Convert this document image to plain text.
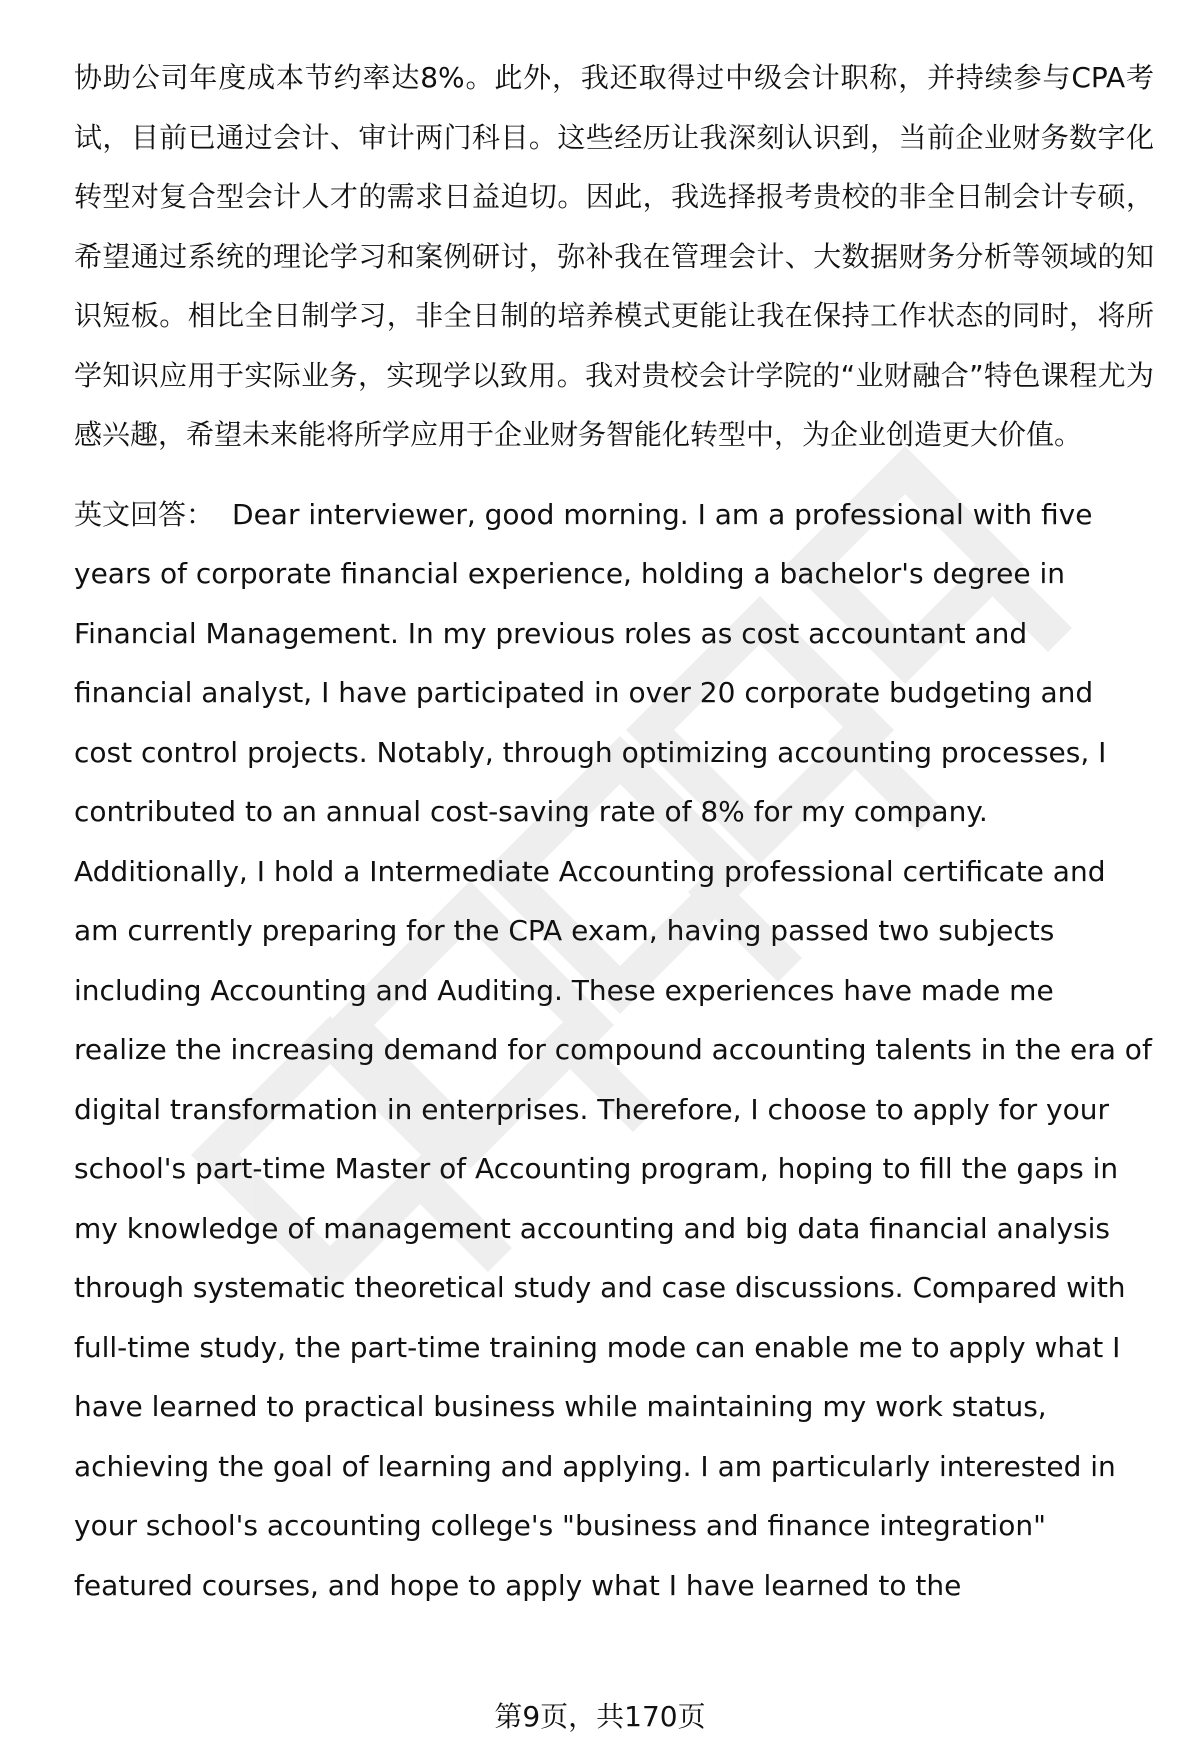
协助公司年度成本节约率达8%。此外，我还取得过中级会计职称，并持续参与CPA考试，目前已通过会计、审计两门科目。这些经历让我深刻认识到，当前企业财务数字化转型对复合型会计人才的需求日益迫切。因此，我选择报考贵校的非全日制会计专硕，希望通过系统的理论学习和案例研讨，弥补我在管理会计、大数据财务分析等领域的知识短板。相比全日制学习，非全日制的培养模式更能让我在保持工作状态的同时，将所学知识应用于实际业务，实现学以致用。我对贵校会计学院的“业财融合”特色课程尤为感兴趣，希望未来能将所学应用于企业财务智能化转型中，为企业创造更大价值。

英文回答： Dear interviewer, good morning. I am a professional with five years of corporate financial experience, holding a bachelor's degree in Financial Management. In my previous roles as cost accountant and financial analyst, I have participated in over 20 corporate budgeting and cost control projects. Notably, through optimizing accounting processes, I contributed to an annual cost-saving rate of 8% for my company. Additionally, I hold a Intermediate Accounting professional certificate and am currently preparing for the CPA exam, having passed two subjects including Accounting and Auditing. These experiences have made me realize the increasing demand for compound accounting talents in the era of digital transformation in enterprises. Therefore, I choose to apply for your school's part-time Master of Accounting program, hoping to fill the gaps in my knowledge of management accounting and big data financial analysis through systematic theoretical study and case discussions. Compared with full-time study, the part-time training mode can enable me to apply what I have learned to practical business while maintaining my work status, achieving the goal of learning and applying. I am particularly interested in your school's accounting college's "business and finance integration" featured courses, and hope to apply what I have learned to the

第9页，共170页
